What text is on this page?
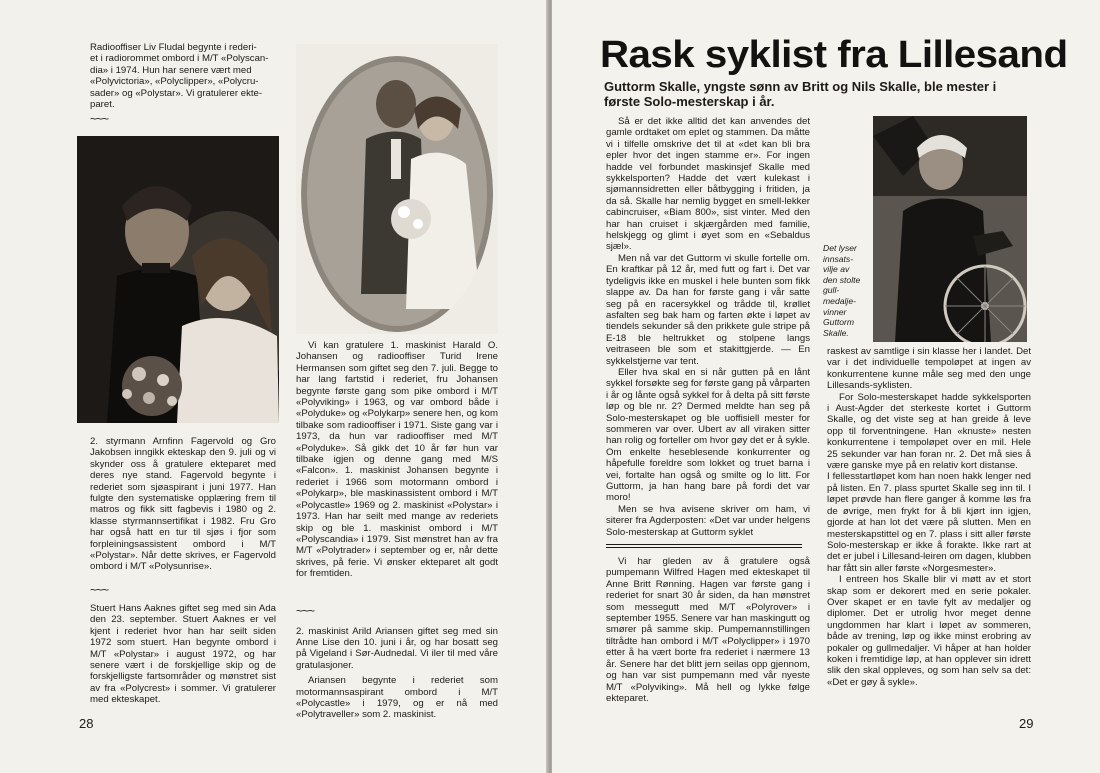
Radiooffiser Liv Fludal begynte i rederi-
et i radiorommet ombord i M/T «Polyscan-
dia» i 1974. Hun har senere vært med
«Polyvictoria», «Polyclipper», «Polycru-
sader» og «Polystar». Vi gratulerer ekte-
paret.

~~~

2. styrmann Arnfinn Fagervold og Gro Jakobsen inngikk ekteskap den 9. juli og vi skynder oss å gratulere ekteparet med deres nye stand. Fagervold begynte i rederiet som sjøaspirant i juni 1977. Han fulgte den systematiske opplæring frem til matros og fikk sitt fagbevis i 1980 og 2. klasse styrmannsertifikat i 1982. Fru Gro har også hatt en tur til sjøs i fjor som forpleiningsassistent ombord i M/T «Polystar». Når dette skrives, er Fagervold ombord i M/T «Polysunrise».

~~~

Stuert Hans Aaknes giftet seg med sin Ada den 23. september. Stuert Aaknes er vel kjent i rederiet hvor han har seilt siden 1972 som stuert. Han begynte ombord i M/T «Polystar» i august 1972, og har senere vært i de forskjellige skip og de forskjelligste fartsområder og mønstret sist av fra «Polycrest» i sommer. Vi gratulerer med ekteskapet.

Vi kan gratulere 1. maskinist Harald O. Johansen og radiooffiser Turid Irene Hermansen som giftet seg den 7. juli. Begge to har lang fartstid i rederiet, fru Johansen begynte første gang som pike ombord i M/T «Polyviking» i 1963, og var ombord både i «Polyduke» og «Polykarp» senere hen, og kom tilbake som radiooffiser i 1971. Siste gang var i 1973, da hun var radiooffiser med M/T «Polyduke». Så gikk det 10 år før hun var tilbake igjen og denne gang med M/S «Falcon». 1. maskinist Johansen begynte i rederiet i 1966 som motormann ombord i «Polykarp», ble maskinassistent ombord i M/T «Polycastle» 1969 og 2. maskinist «Polystar» i 1973. Han har seilt med mange av rederiets skip og ble 1. maskinist ombord i M/T «Polyscandia» i 1979. Sist mønstret han av fra M/T «Polytrader» i september og er, når dette skrives, på ferie. Vi ønsker ekteparet alt godt for fremtiden.

~~~

2. maskinist Arild Ariansen giftet seg med sin Anne Lise den 10. juni i år, og har bosatt seg på Vigeland i Sør-Audnedal. Vi iler til med våre gratulasjoner.

Ariansen begynte i rederiet som motormannsaspirant ombord i M/T «Polycastle» i 1979, og er nå med «Polytraveller» som 2. maskinist.

28
Rask syklist fra Lillesand

Guttorm Skalle, yngste sønn av Britt og Nils Skalle, ble mester i første Solo-mesterskap i år.

Så er det ikke alltid det kan anvendes det gamle ordtaket om eplet og stammen. Da måtte vi i tilfelle omskrive det til at «det kan bli bra epler hvor det ingen stamme er». For ingen hadde vel forbundet maskinsjef Skalle med sykkelsporten? Hadde det vært kulekast i sjømannsidretten eller båtbygging i fritiden, ja da så. Skalle har nemlig bygget en smell-lekker cabincruiser, «Biam 800», sist vinter. Med den har han cruiset i skjærgården med familie, helskjegg og glimt i øyet som en «Sebaldus sjæl».

Men nå var det Guttorm vi skulle fortelle om. En kraftkar på 12 år, med futt og fart i. Det var tydeligvis ikke en muskel i hele bunten som fikk slappe av. Da han for første gang i vår satte seg på en racersykkel og trådde til, krøllet asfalten seg bak ham og farten økte i løpet av tiendels sekunder så den prikkete gule stripe på E-18 ble heltrukket og stolpene langs veitraseen ble som et stakittgjerde. — En sykkelstjerne var tent.

Eller hva skal en si når gutten på en lånt sykkel forsøkte seg for første gang på vårparten i år og lånte også sykkel for å delta på sitt første løp og ble nr. 2? Dermed meldte han seg på Solo-mesterskapet og ble uoffisiell mester for sommeren var over. Ubert av all viraken sitter han rolig og forteller om hvor gøy det er å sykle. Om enkelte heseblesende konkurrenter og håpefulle foreldre som lokket og truet barna i vei, fortalte han også og smilte og lo litt. For Guttorm, ja han hang bare på fordi det var moro!

Men se hva avisene skriver om ham, vi siterer fra Agderposten: «Det var under helgens Solo-mesterskap at Guttorm syklet

Vi har gleden av å gratulere også pumpemann Wilfred Hagen med ekteskapet til Anne Britt Rønning. Hagen var første gang i rederiet for snart 30 år siden, da han mønstret som messegutt med M/T «Polyrover» i september 1955. Senere var han maskingutt og smører på samme skip. Pumpemannstillingen tiltrådte han ombord i M/T «Polyclipper» i 1970 etter å ha vært borte fra rederiet i nærmere 13 år. Senere har det blitt jern seilas opp gjennom, og han var sist pumpemann med vår nyeste M/T «Polyviking». Må hell og lykke følge ekteparet.

Det lyser
innsats-
vilje av
den stolte
gull-
medalje-
vinner
Guttorm
Skalle.

raskest av samtlige i sin klasse her i landet. Det var i det individuelle tempoløpet at ingen av konkurrentene kunne måle seg med den unge Lillesands-syklisten.

For Solo-mesterskapet hadde sykkelsporten i Aust-Agder det sterkeste kortet i Guttorm Skalle, og det viste seg at han greide å leve opp til forventningene. Han «knuste» nesten konkurrentene i tempoløpet over en mil. Hele 25 sekunder var han foran nr. 2. Det må sies å være ganske mye på en relativ kort distanse.

I fellesstartløpet kom han noen hakk lenger ned på listen. En 7. plass spurtet Skalle seg inn til. I løpet prøvde han flere ganger å komme løs fra de øvrige, men frykt for å bli kjørt inn igjen, gjorde at han lot det være på slutten. Men en mesterskapstittel og en 7. plass i sitt aller første Solo-mesterskap er ikke å forakte. Ikke rart at det er jubel i Lillesand-leiren om dagen, klubben har fått sin aller første «Norgesmester».

I entreen hos Skalle blir vi møtt av et stort skap som er dekorert med en serie pokaler. Over skapet er en tavle fylt av medaljer og diplomer. Det er utrolig hvor meget denne ungdommen har klart i løpet av sommeren, både av trening, løp og ikke minst erobring av pokaler og gullmedaljer. Vi håper at han holder koken i fremtidige løp, at han opplever sin idrett slik den skal oppleves, og som han selv sa det: «Det er gøy å sykle».

29
